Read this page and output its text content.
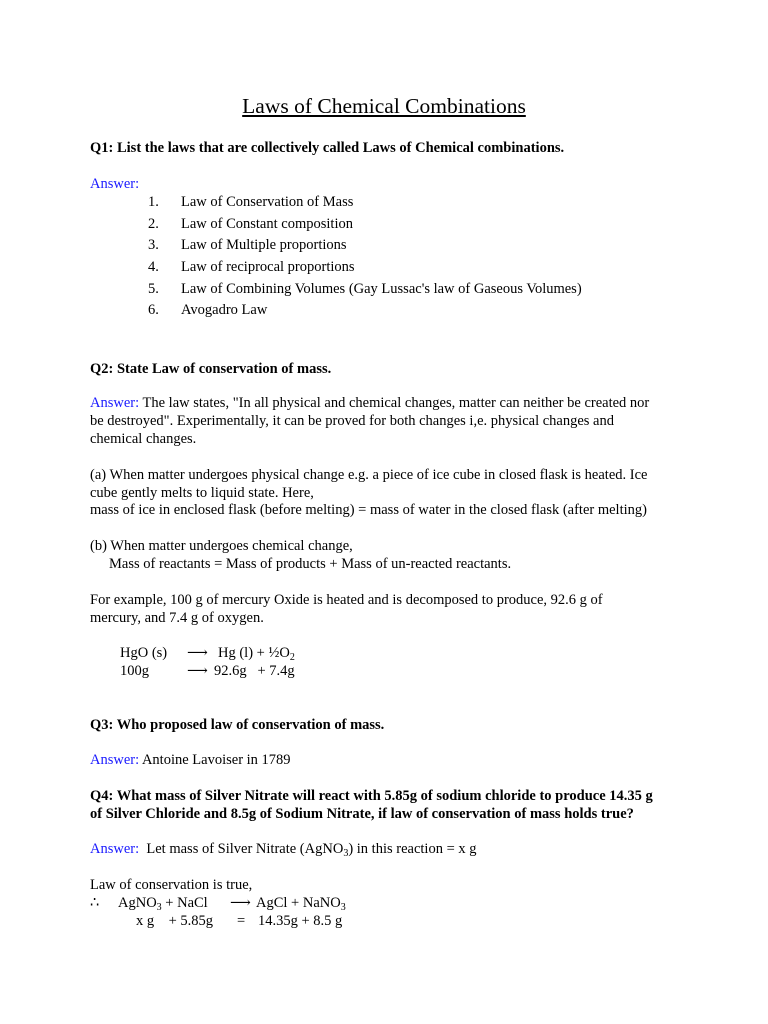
Laws of Chemical Combinations
Q1: List the laws that are collectively called Laws of Chemical combinations.
Answer:
1. Law of Conservation of Mass
2. Law of Constant composition
3. Law of Multiple proportions
4. Law of reciprocal proportions
5. Law of Combining Volumes (Gay Lussac's law of Gaseous Volumes)
6. Avogadro Law
Q2: State Law of conservation of mass.
Answer: The law states, "In all physical and chemical changes, matter can neither be created nor
be destroyed". Experimentally, it can be proved for both changes i,e. physical changes and
chemical changes.
(a) When matter undergoes physical change e.g. a piece of ice cube in closed flask is heated. Ice
cube gently melts to liquid state. Here,
mass of ice in enclosed flask (before melting) = mass of water in the closed flask (after melting)
(b) When matter undergoes chemical change,
Mass of reactants = Mass of products + Mass of un-reacted reactants.
For example, 100 g of mercury Oxide is heated and is decomposed to produce, 92.6 g of
mercury, and 7.4 g of oxygen.
HgO (s) ⟶ Hg $(l) + \frac{1}{2}O_2$
100g	⟶ 92.6g   + 7.4g
Q3: Who proposed law of conservation of mass.
Answer: Antoine Lavoiser in 1789
Q4: What mass of Silver Nitrate will react with 5.85g of sodium chloride to produce 14.35 g
of Silver Chloride and 8.5g of Sodium Nitrate, if law of conservation of mass holds true?
Answer:  Let mass of Silver Nitrate (AgNO$_3$) in this reaction = x g
Law of conservation is true,
∴ AgNO$_3$ + NaCl ⟶ AgCl + NaNO$_3$
x g    + 5.85g = 14.35g + 8.5 g
